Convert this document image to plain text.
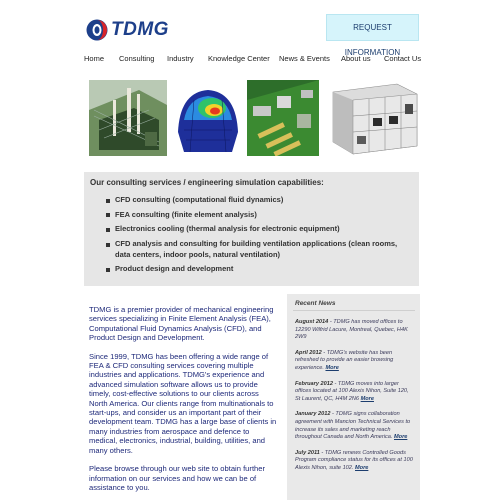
TDMG	REQUEST INFORMATION
Home Consulting Industry Knowledge Center News & Events About us Contact Us
Our consulting services / engineering simulation capabilities:
CFD consulting (computational fluid dynamics)
FEA consulting (finite element analysis)
Electronics cooling (thermal analysis for electronic equipment)
CFD analysis and consulting for building ventilation applications (clean rooms, data centers, indoor pools, natural ventilation)
Product design and development

TDMG is a premier provider of mechanical engineering services specializing in Finite Element Analysis (FEA), Computational Fluid Dynamics Analysis (CFD), and Product Design and Development.

Since 1999, TDMG has been offering a wide range of FEA & CFD consulting services covering multiple industries and applications. TDMG's experience and advanced simulation software allows us to provide timely, cost-effective solutions to our clients across North America. Our clients range from multinationals to start-ups, and consider us an important part of their development team. TDMG has a large base of clients in many industries from aerospace and defence to medical, electronics, industrial, building, utilities, and many others.

Please browse through our web site to obtain further information on our services and how we can be of assistance to you.

Recent News
August 2014 - TDMG has moved offices to 12290 Wilfrid Lacure, Montreal, Quebec, H4K 2W9
April 2012 - TDMG's website has been refreshed to provide an easier browsing experience. More
February 2012 - TDMG moves into larger offices located at 100 Alexis Nihon, Suite 120, St Laurent, QC, H4M 2N6 More
January 2012 - TDMG signs collaboration agreement with Mancion Technical Services to increase its sales and marketing reach throughout Canada and North America. More
July 2011 - TDMG renews Controlled Goods Program compliance status for its offices at 100 Alexis Nihon, suite 102. More
